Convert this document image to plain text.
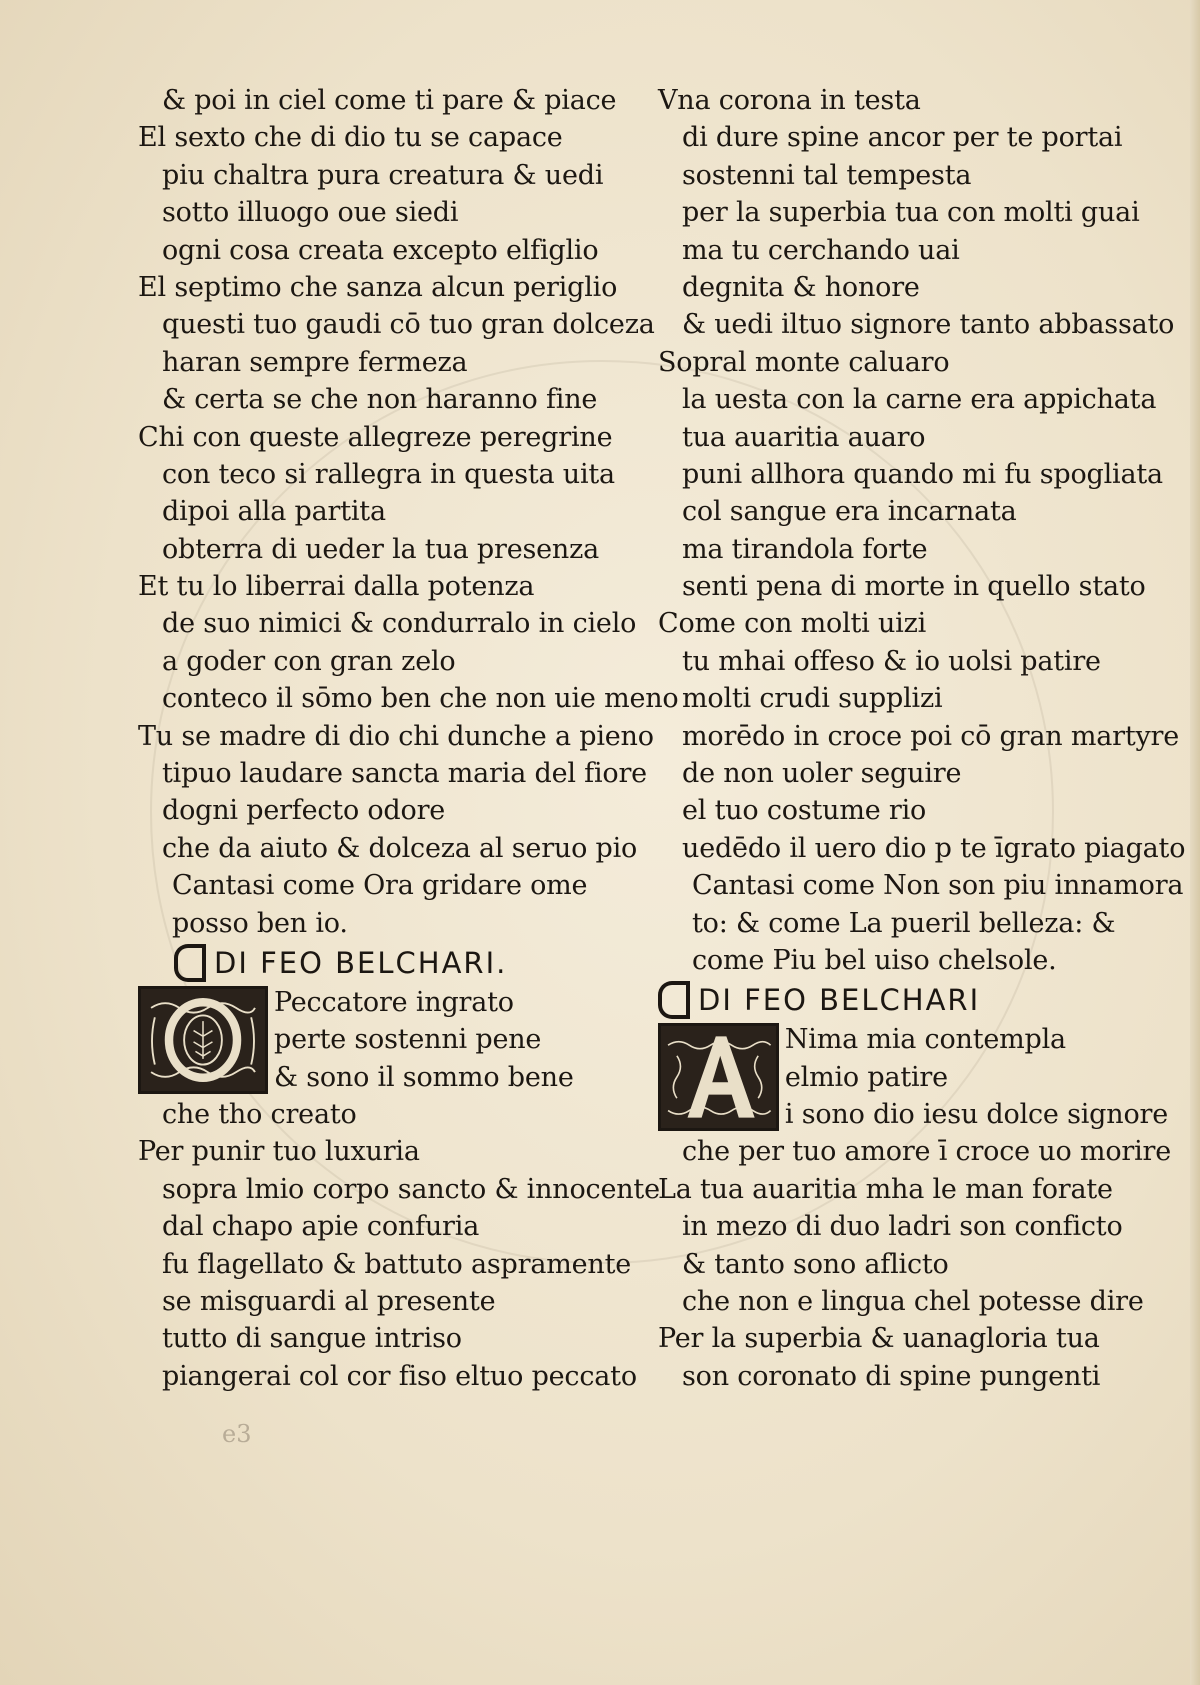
& poi in ciel come ti pare & piace
El sexto che di dio tu se capace
piu chaltra pura creatura & uedi
sotto illuogo oue siedi
ogni cosa creata excepto elfiglio
El septimo che sanza alcun periglio
questi tuo gaudi cō tuo gran dolceza
haran sempre fermeza
& certa se che non haranno fine
Chi con queste allegreze peregrine
con teco si rallegra in questa uita
dipoi alla partita
obterra di ueder la tua presenza
Et tu lo liberrai dalla potenza
de suo nimici & condurralo in cielo
a goder con gran zelo
conteco il sōmo ben che non uie meno
Tu se madre di dio chi dunche a pieno
tipuo laudare sancta maria del fiore
dogni perfecto odore
che da aiuto & dolceza al seruo pio
Cantasi come Ora gridare ome
posso ben io.
DI FEO BELCHARI.
Peccatore ingrato
perte sostenni pene
& sono il sommo bene
che tho creato
Per punir tuo luxuria
sopra lmio corpo sancto & innocente
dal chapo apie confuria
fu flagellato & battuto aspramente
se misguardi al presente
tutto di sangue intriso
piangerai col cor fiso eltuo peccato
Vna corona in testa
di dure spine ancor per te portai
sostenni tal tempesta
per la superbia tua con molti guai
ma tu cerchando uai
degnita & honore
& uedi iltuo signore tanto abbassato
Sopral monte caluaro
la uesta con la carne era appichata
tua auaritia auaro
puni allhora quando mi fu spogliata
col sangue era incarnata
ma tirandola forte
senti pena di morte in quello stato
Come con molti uizi
tu mhai offeso & io uolsi patire
molti crudi supplizi
morēdo in croce poi cō gran martyre
de non uoler seguire
el tuo costume rio
uedēdo il uero dio p te īgrato piagato
Cantasi come Non son piu innamora
to: & come La pueril belleza: &
come Piu bel uiso chelsole.
DI FEO BELCHARI
Nima mia contempla
elmio patire
i sono dio iesu dolce signore
che per tuo amore ī croce uo morire
La tua auaritia mha le man forate
in mezo di duo ladri son conficto
& tanto sono aflicto
che non e lingua chel potesse dire
Per la superbia & uanagloria tua
son coronato di spine pungenti
e3
